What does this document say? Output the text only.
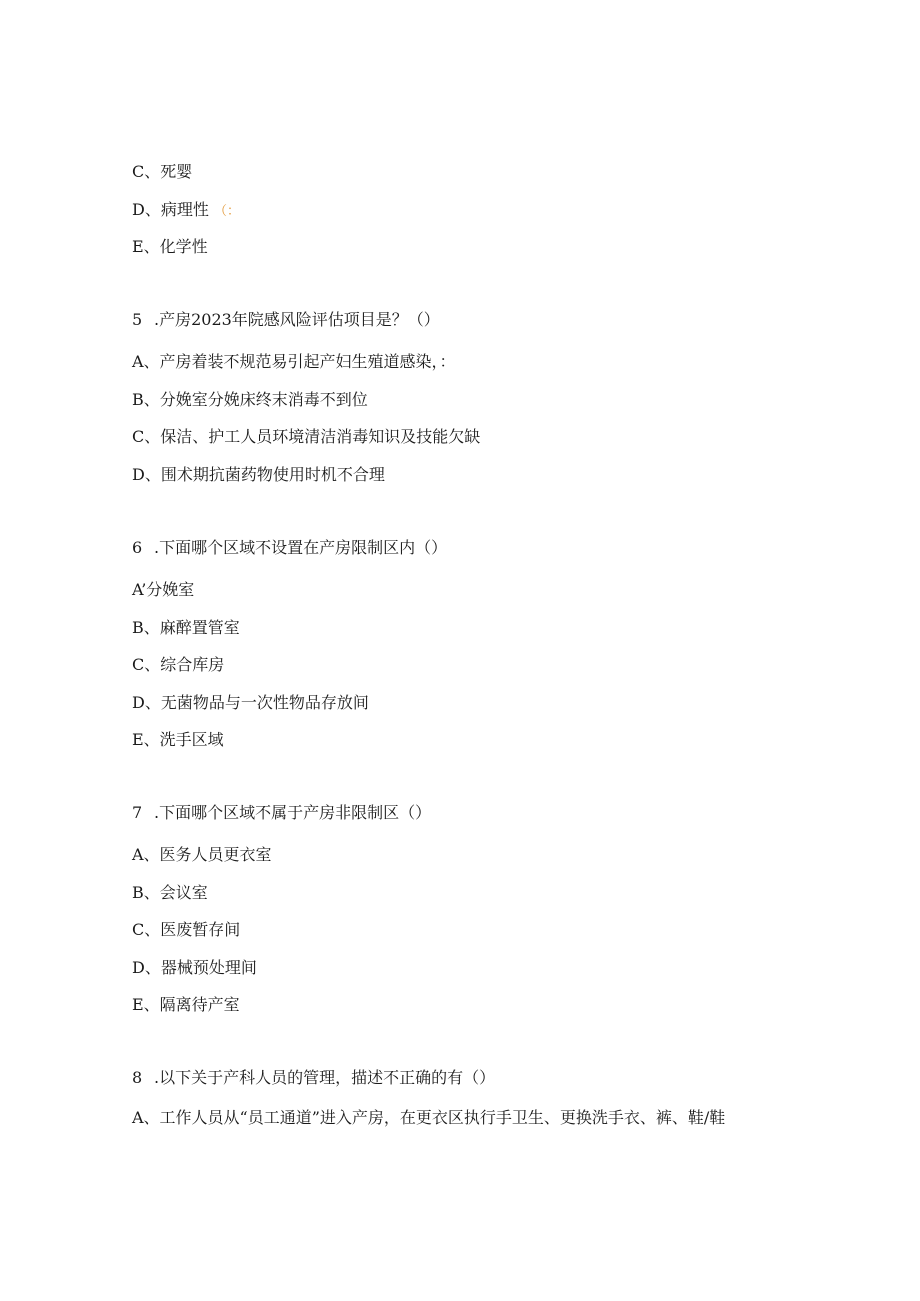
C、死婴
D、病理性 （：
E、化学性
5 .产房2023年院感风险评估项目是？（）
A、产房着装不规范易引起产妇生殖道感染，：
B、分娩室分娩床终末消毒不到位
C、保洁、护工人员环境清洁消毒知识及技能欠缺
D、围术期抗菌药物使用时机不合理
6 .下面哪个区域不设置在产房限制区内（）
A’分娩室
B、麻醉置管室
C、综合库房
D、无菌物品与一次性物品存放间
E、洗手区域
7 .下面哪个区域不属于产房非限制区（）
A、医务人员更衣室
B、会议室
C、医废暂存间
D、器械预处理间
E、隔离待产室
8 .以下关于产科人员的管理，描述不正确的有（）
A、工作人员从“员工通道”进入产房，在更衣区执行手卫生、更换洗手衣、裤、鞋/鞋
